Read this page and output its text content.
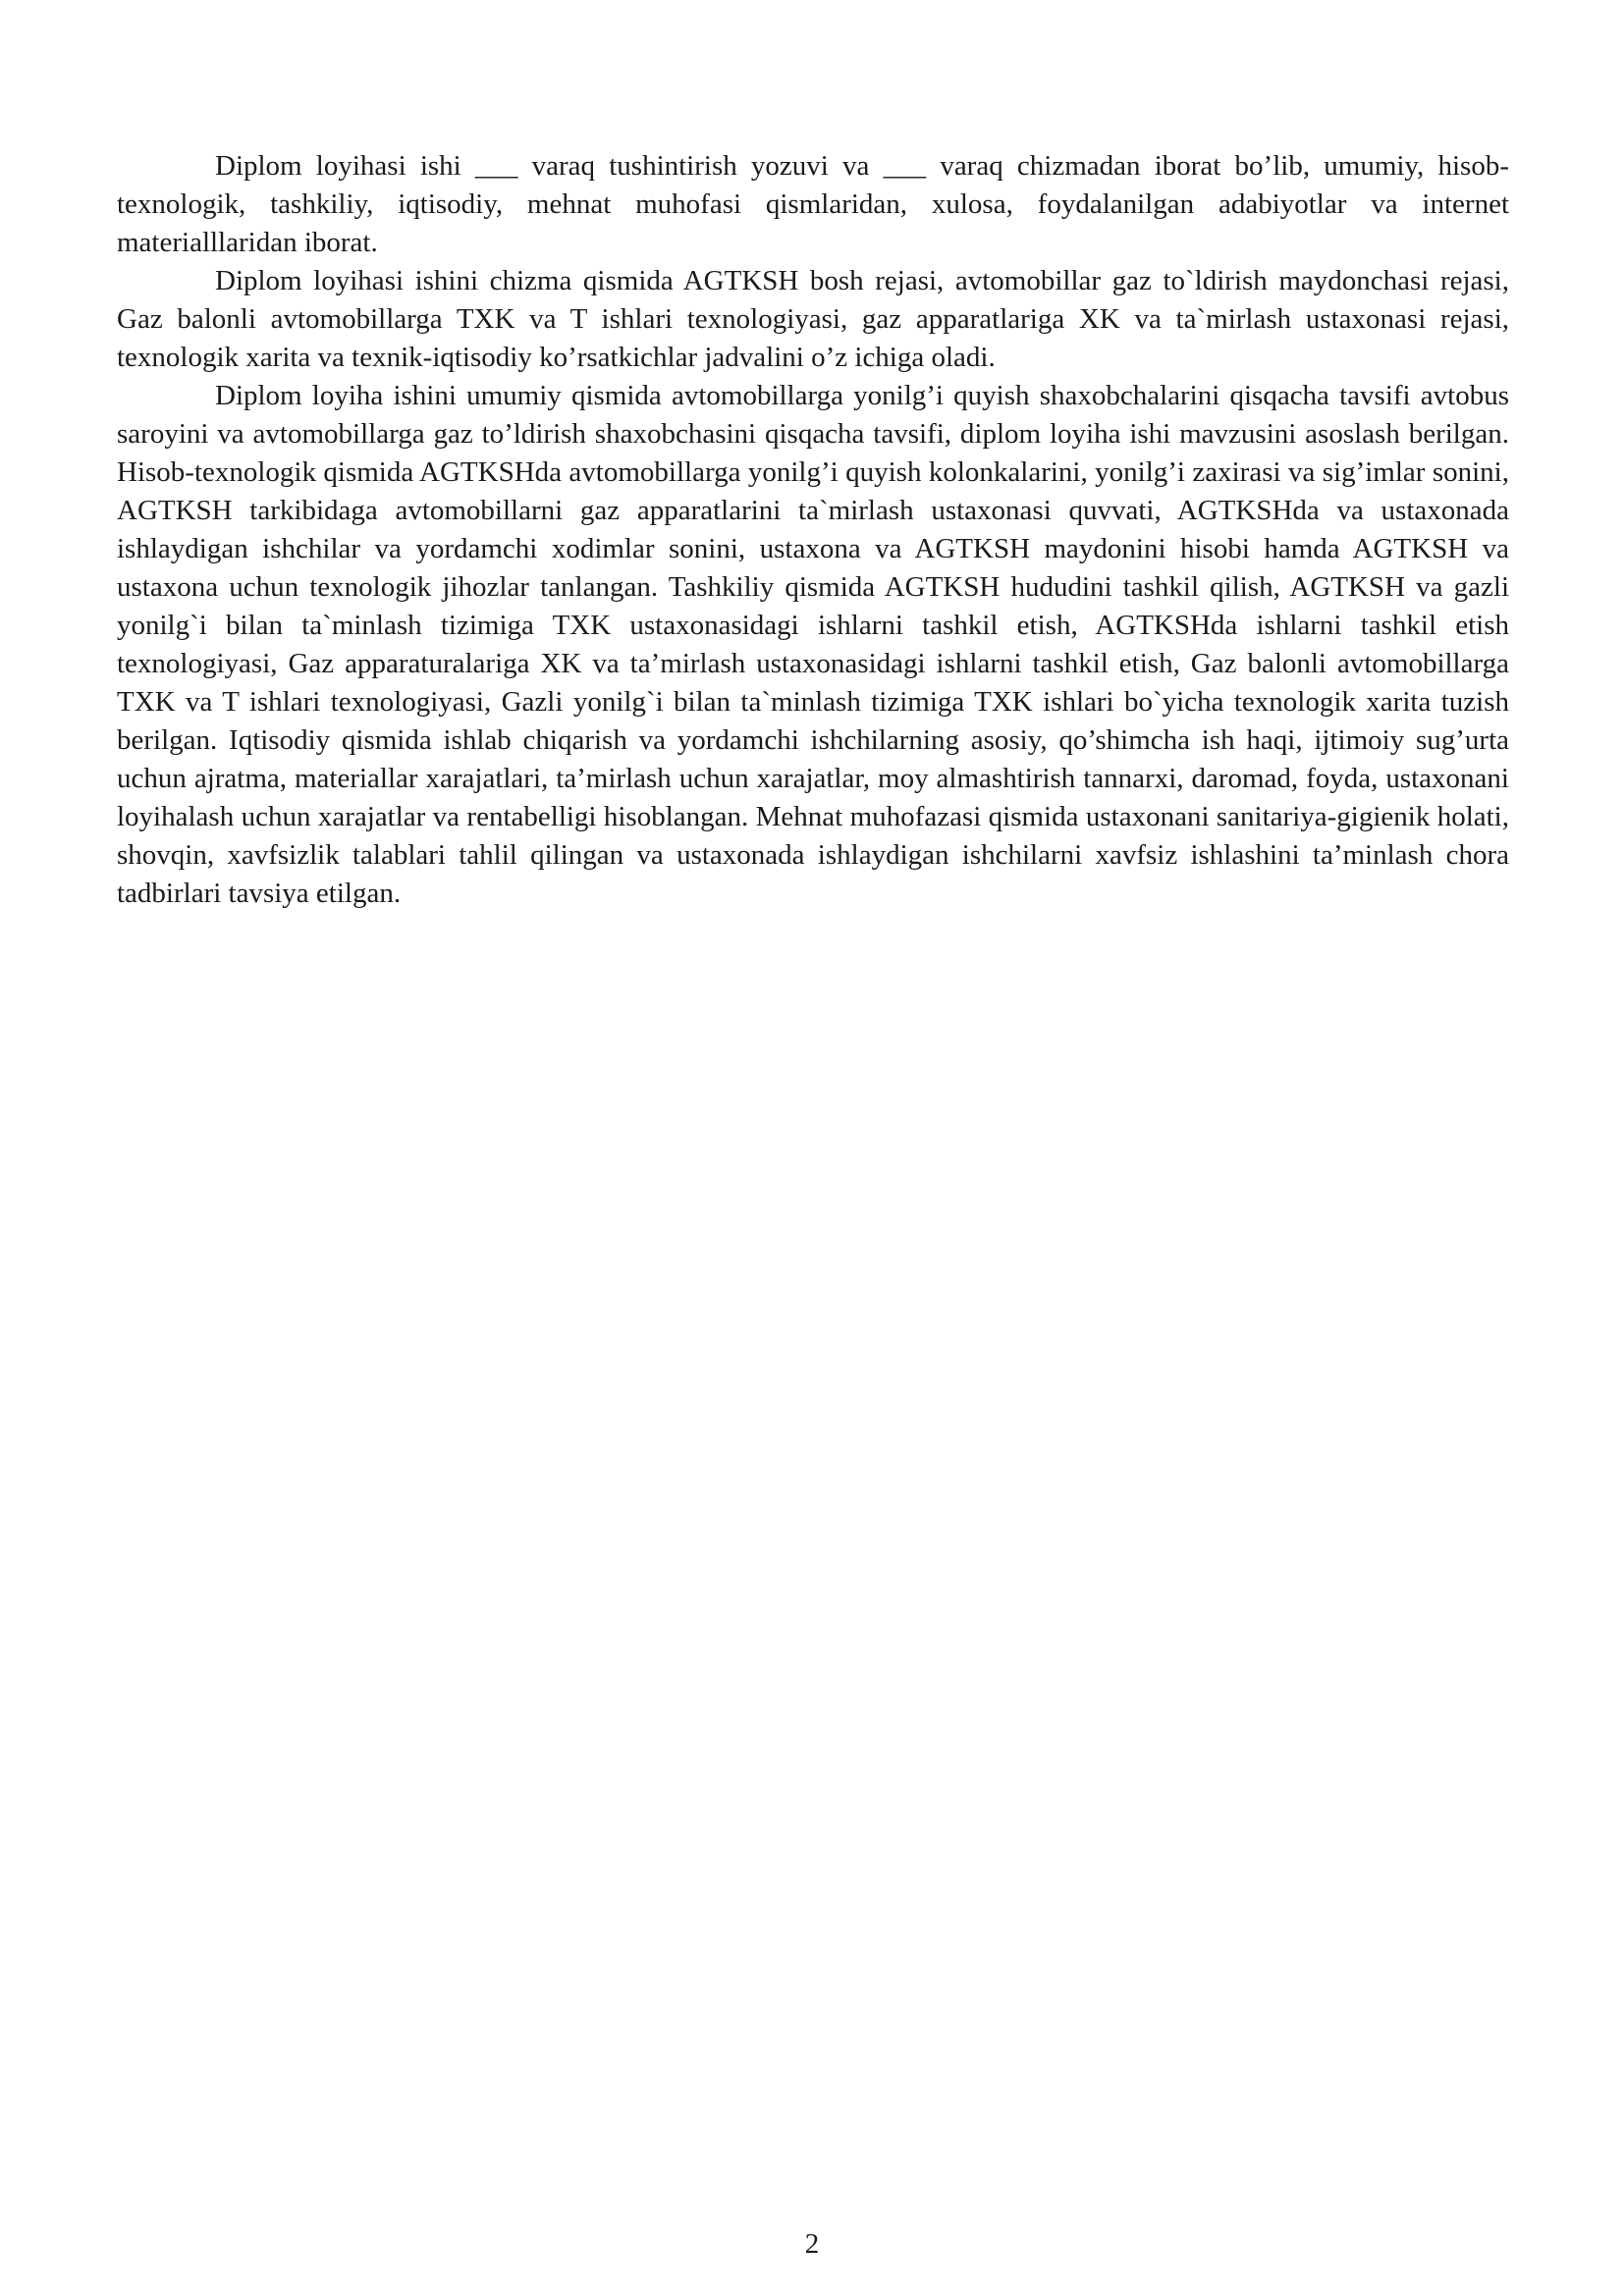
Diplom loyihasi ishi ___ varaq tushintirish yozuvi va ___ varaq chizmadan iborat bo’lib, umumiy, hisob-texnologik, tashkiliy, iqtisodiy, mehnat muhofasi qismlaridan, xulosa, foydalanilgan adabiyotlar va internet materialllaridan iborat.

Diplom loyihasi ishini chizma qismida AGTKSH bosh rejasi, avtomobillar gaz to`ldirish maydonchasi rejasi, Gaz balonli avtomobillarga TXK va T ishlari texnologiyasi, gaz apparatlariga XK va ta`mirlash ustaxonasi rejasi, texnologik xarita va texnik-iqtisodiy ko’rsatkichlar jadvalini o’z ichiga oladi.

Diplom loyiha ishini umumiy qismida avtomobillarga yonilg’i quyish shaxobchalarini qisqacha tavsifi avtobus saroyini va avtomobillarga gaz to’ldirish shaxobchasini qisqacha tavsifi, diplom loyiha ishi mavzusini asoslash berilgan. Hisob-texnologik qismida AGTKSHda avtomobillarga yonilg’i quyish kolonkalarini, yonilg’i zaxirasi va sig’imlar sonini, AGTKSH tarkibidaga avtomobillarni gaz apparatlarini ta`mirlash ustaxonasi quvvati, AGTKSHda va ustaxonada ishlaydigan ishchilar va yordamchi xodimlar sonini, ustaxona va AGTKSH maydonini hisobi hamda AGTKSH va ustaxona uchun texnologik jihozlar tanlangan. Tashkiliy qismida AGTKSH hududini tashkil qilish, AGTKSH va gazli yonilg`i bilan ta`minlash tizimiga TXK ustaxonasidagi ishlarni tashkil etish, AGTKSHda ishlarni tashkil etish texnologiyasi, Gaz apparaturalariga XK va ta’mirlash ustaxonasidagi ishlarni tashkil etish, Gaz balonli avtomobillarga TXK va T ishlari texnologiyasi, Gazli yonilg`i bilan ta`minlash tizimiga TXK ishlari bo`yicha texnologik xarita tuzish berilgan. Iqtisodiy qismida ishlab chiqarish va yordamchi ishchilarning asosiy, qo’shimcha ish haqi, ijtimoiy sug’urta uchun ajratma, materiallar xarajatlari, ta’mirlash uchun xarajatlar, moy almashtirish tannarxi, daromad, foyda, ustaxonani loyihalash uchun xarajatlar va rentabelligi hisoblangan. Mehnat muhofazasi qismida ustaxonani sanitariya-gigienik holati, shovqin, xavfsizlik talablari tahlil qilingan va ustaxonada ishlaydigan ishchilarni xavfsiz ishlashini ta’minlash chora tadbirlari tavsiya etilgan.

2
